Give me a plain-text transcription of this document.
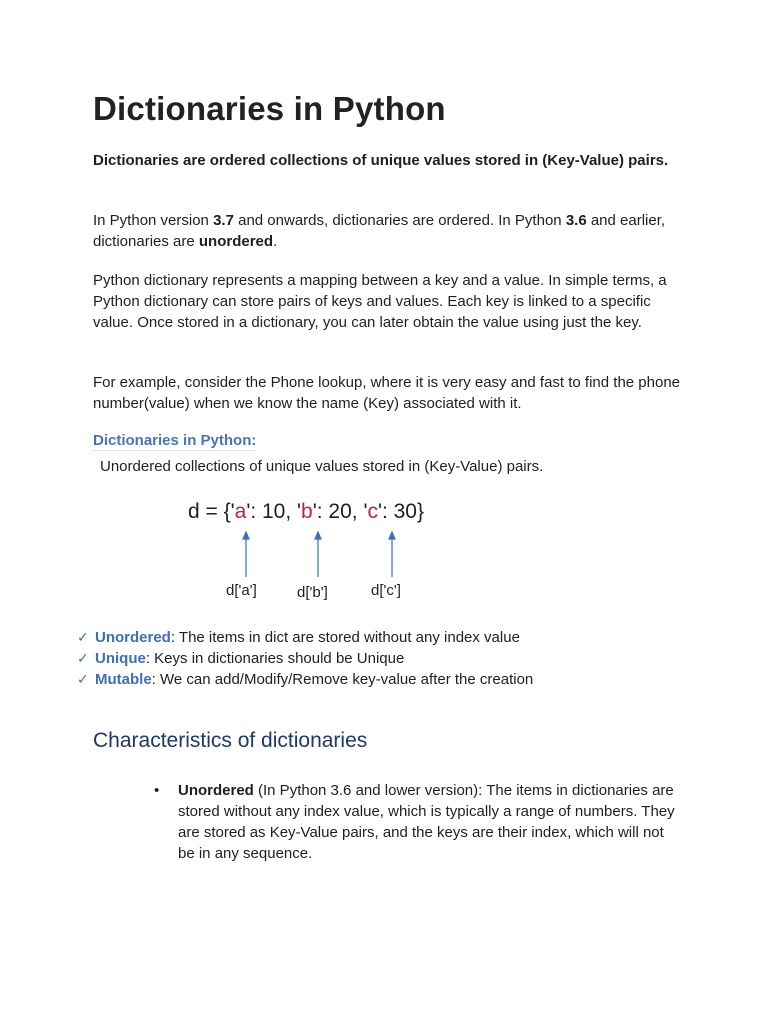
Dictionaries in Python

Dictionaries are ordered collections of unique values stored in (Key-Value) pairs.

In Python version 3.7 and onwards, dictionaries are ordered. In Python 3.6 and earlier, dictionaries are unordered.

Python dictionary represents a mapping between a key and a value. In simple terms, a Python dictionary can store pairs of keys and values. Each key is linked to a specific value. Once stored in a dictionary, you can later obtain the value using just the key.

For example, consider the Phone lookup, where it is very easy and fast to find the phone number(value) when we know the name (Key) associated with it.

Dictionaries in Python:
Unordered collections of unique values stored in (Key-Value) pairs.
d = {'a': 10, 'b': 20, 'c': 30}
d['a']	d['b']	d['c']
✓ Unordered: The items in dict are stored without any index value
✓ Unique: Keys in dictionaries should be Unique
✓ Mutable: We can add/Modify/Remove key-value after the creation
Characteristics of dictionaries
• Unordered (In Python 3.6 and lower version): The items in dictionaries are stored without any index value, which is typically a range of numbers. They are stored as Key-Value pairs, and the keys are their index, which will not be in any sequence.
